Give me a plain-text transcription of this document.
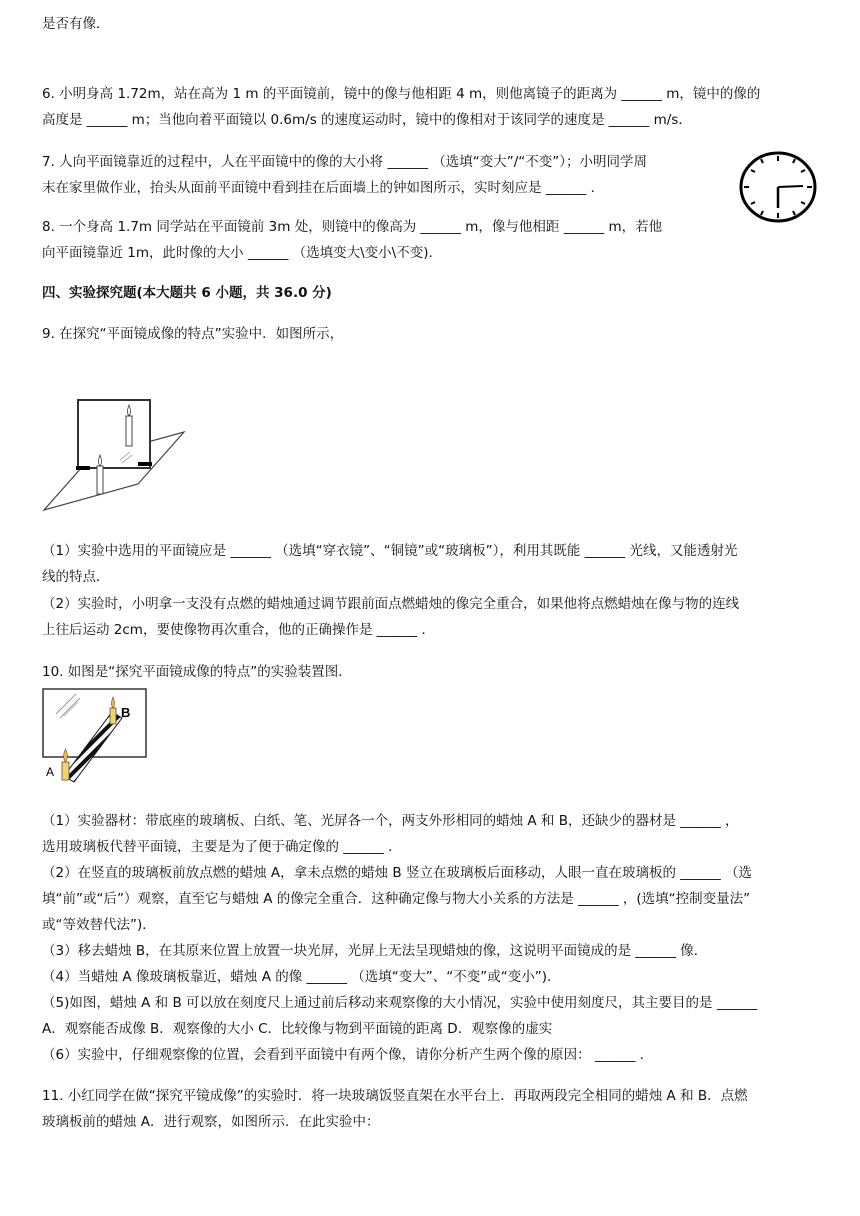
是否有像．
6. 小明身高 1.72m，站在高为 1 m 的平面镜前，镜中的像与他相距 4 m，则他离镜子的距离为 ______ m，镜中的像的
高度是 ______ m；当他向着平面镜以 0.6m/s 的速度运动时，镜中的像相对于该同学的速度是 ______ m/s．
7. 人向平面镜靠近的过程中，人在平面镜中的像的大小将 ______ （选填“变大”/“不变”）；小明同学周
末在家里做作业，抬头从面前平面镜中看到挂在后面墙上的钟如图所示，实时刻应是 ______ ．
8. 一个身高 1.7m 同学站在平面镜前 3m 处，则镜中的像高为 ______ m，像与他相距 ______ m，若他
向平面镜靠近 1m，此时像的大小 ______ （选填变大\变小\不变)．
四、实验探究题(本大题共 6 小题，共 36.0 分)
9. 在探究“平面镜成像的特点”实验中．如图所示，
（1）实验中选用的平面镜应是 ______ （选填“穿衣镜”、“铜镜”或“玻璃板”），利用其既能 ______ 光线，又能透射光
线的特点．
（2）实验时，小明拿一支没有点燃的蜡烛通过调节跟前面点燃蜡烛的像完全重合，如果他将点燃蜡烛在像与物的连线
上往后运动 2cm，要使像物再次重合，他的正确操作是 ______ ．
10. 如图是“探究平面镜成像的特点”的实验装置图．
B
A
（1）实验器材：带底座的玻璃板、白纸、笔、光屏各一个，两支外形相同的蜡烛 A 和 B，还缺少的器材是 ______ ，
选用玻璃板代替平面镜，主要是为了便于确定像的 ______ ．
（2）在竖直的玻璃板前放点燃的蜡烛 A，拿未点燃的蜡烛 B 竖立在玻璃板后面移动，人眼一直在玻璃板的 ______ （选
填“前”或“后”）观察，直至它与蜡烛 A 的像完全重合．这种确定像与物大小关系的方法是 ______ ，(选填“控制变量法”
或“等效替代法”)．
（3）移去蜡烛 B，在其原来位置上放置一块光屏，光屏上无法呈现蜡烛的像，这说明平面镜成的是 ______ 像．
（4）当蜡烛 A 像玻璃板靠近，蜡烛 A 的像 ______ （选填“变大”、“不变”或“变小”)．
（5)如图，蜡烛 A 和 B 可以放在刻度尺上通过前后移动来观察像的大小情况，实验中使用刻度尺，其主要目的是 ______
A．观察能否成像 B．观察像的大小 C．比较像与物到平面镜的距离 D．观察像的虚实
（6）实验中，仔细观察像的位置，会看到平面镜中有两个像，请你分析产生两个像的原因： ______ ．
11. 小红同学在做“探究平镜成像”的实验时．将一块玻璃饭竖直架在水平台上．再取两段完全相同的蜡烛 A 和 B．点燃
玻璃板前的蜡烛 A．进行观察，如图所示．在此实验中：
